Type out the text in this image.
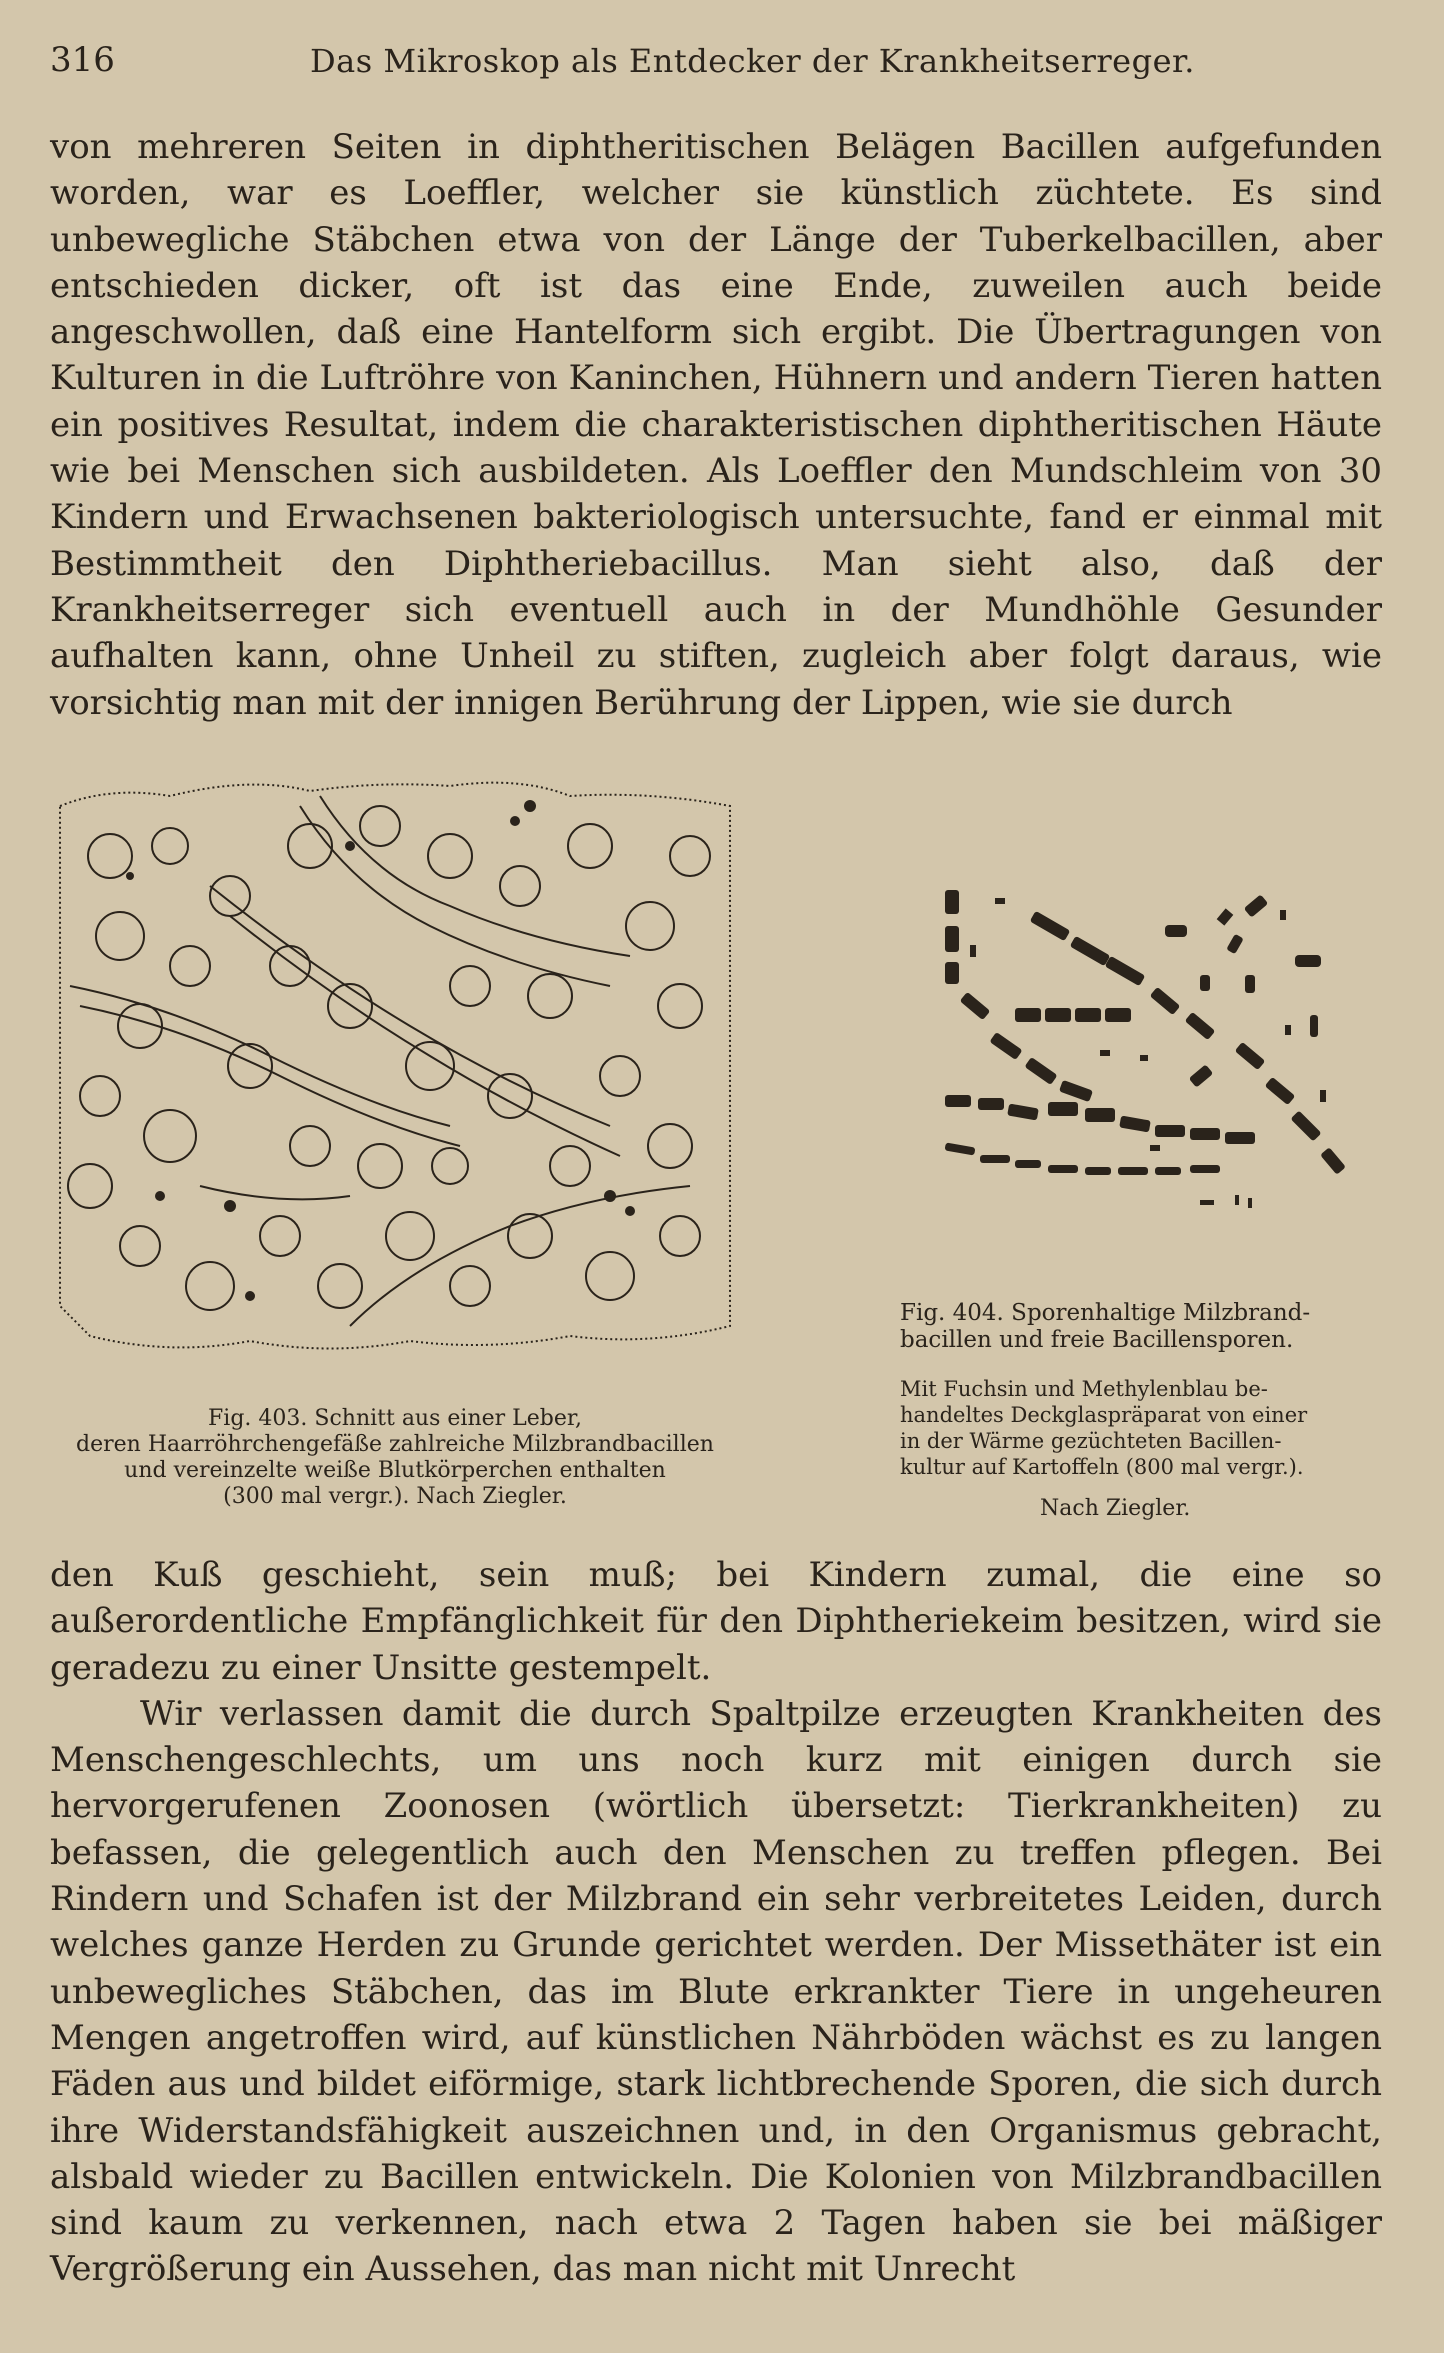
316	Das Mikroskop als Entdecker der Krankheitserreger.

von mehreren Seiten in diphtheritischen Belägen Bacillen aufgefunden worden, war es Loeffler, welcher sie künstlich züchtete. Es sind unbewegliche Stäbchen etwa von der Länge der Tuberkelbacillen, aber entschieden dicker, oft ist das eine Ende, zuweilen auch beide angeschwollen, daß eine Hantelform sich ergibt. Die Übertragungen von Kulturen in die Luftröhre von Kaninchen, Hühnern und andern Tieren hatten ein positives Resultat, indem die charakteristischen diphtheritischen Häute wie bei Menschen sich ausbildeten. Als Loeffler den Mundschleim von 30 Kindern und Erwachsenen bakteriologisch untersuchte, fand er einmal mit Bestimmtheit den Diphtheriebacillus. Man sieht also, daß der Krankheitserreger sich eventuell auch in der Mundhöhle Gesunder aufhalten kann, ohne Unheil zu stiften, zugleich aber folgt daraus, wie vorsichtig man mit der innigen Berührung der Lippen, wie sie durch

Fig. 403. Schnitt aus einer Leber,
deren Haarröhrchengefäße zahlreiche Milzbrandbacillen
und vereinzelte weiße Blutkörperchen enthalten
(300 mal vergr.). Nach Ziegler.
Fig. 404. Sporenhaltige Milzbrand-
bacillen und freie Bacillensporen.
Mit Fuchsin und Methylenblau be-
handeltes Deckglaspräparat von einer
in der Wärme gezüchteten Bacillen-
kultur auf Kartoffeln (800 mal vergr.).
Nach Ziegler.

den Kuß geschieht, sein muß; bei Kindern zumal, die eine so außerordentliche Empfänglichkeit für den Diphtheriekeim besitzen, wird sie geradezu zu einer Unsitte gestempelt.

Wir verlassen damit die durch Spaltpilze erzeugten Krankheiten des Menschengeschlechts, um uns noch kurz mit einigen durch sie hervorgerufenen Zoonosen (wörtlich übersetzt: Tierkrankheiten) zu befassen, die gelegentlich auch den Menschen zu treffen pflegen. Bei Rindern und Schafen ist der Milzbrand ein sehr verbreitetes Leiden, durch welches ganze Herden zu Grunde gerichtet werden. Der Missethäter ist ein unbewegliches Stäbchen, das im Blute erkrankter Tiere in ungeheuren Mengen angetroffen wird, auf künstlichen Nährböden wächst es zu langen Fäden aus und bildet eiförmige, stark lichtbrechende Sporen, die sich durch ihre Widerstandsfähigkeit auszeichnen und, in den Organismus gebracht, alsbald wieder zu Bacillen entwickeln. Die Kolonien von Milzbrandbacillen sind kaum zu verkennen, nach etwa 2 Tagen haben sie bei mäßiger Vergrößerung ein Aussehen, das man nicht mit Unrecht
